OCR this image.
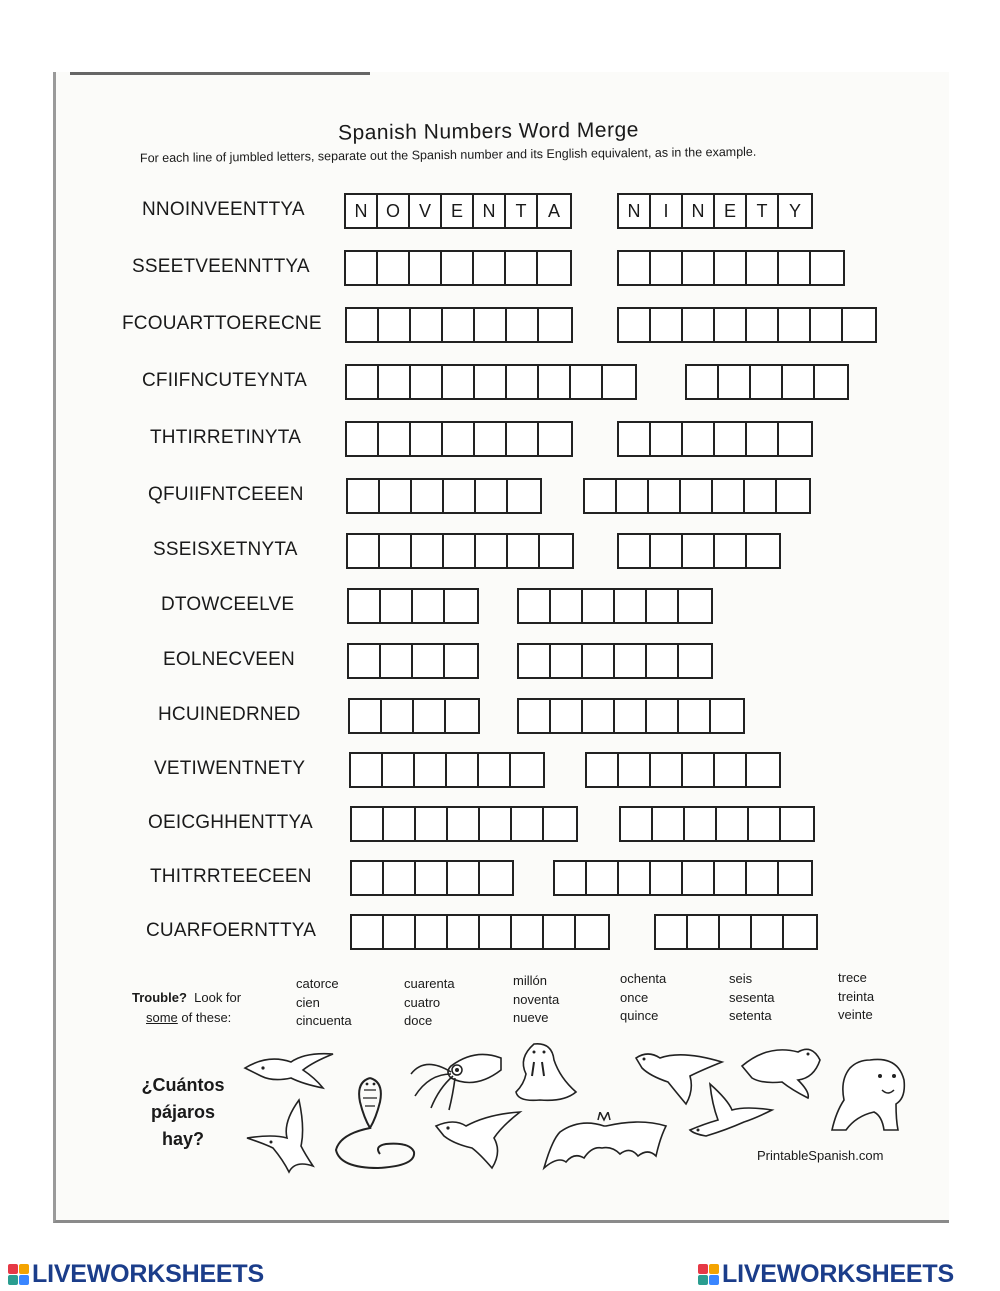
Spanish Numbers Word Merge
For each line of jumbled letters, separate out the Spanish number and its English equivalent, as in the example.
NNOINVEENTTYA	N	O	V	E	N	T	A	N	I	N	E	T	Y
SSEETVEENNTTYA
FCOUARTTOERECNE
CFIIFNCUTEYNTA
THTIRRETINYTA
QFUIIFNTCEEEN
SSEISXETNYTA
DTOWCEELVE
EOLNECVEEN
HCUINEDRNED
VETIWENTNETY
OEICGHHENTTYA
THITRRTEECEEN
CUARFOERNTTYA
Trouble? Look for
some of these:
catorce
cien
cincuenta
cuarenta
cuatro
doce
millón
noventa
nueve
ochenta
once
quince
seis
sesenta
setenta
trece
treinta
veinte
¿Cuántos
pájaros
hay?
PrintableSpanish.com
LIVEWORKSHEETS	LIVEWORKSHEETS
